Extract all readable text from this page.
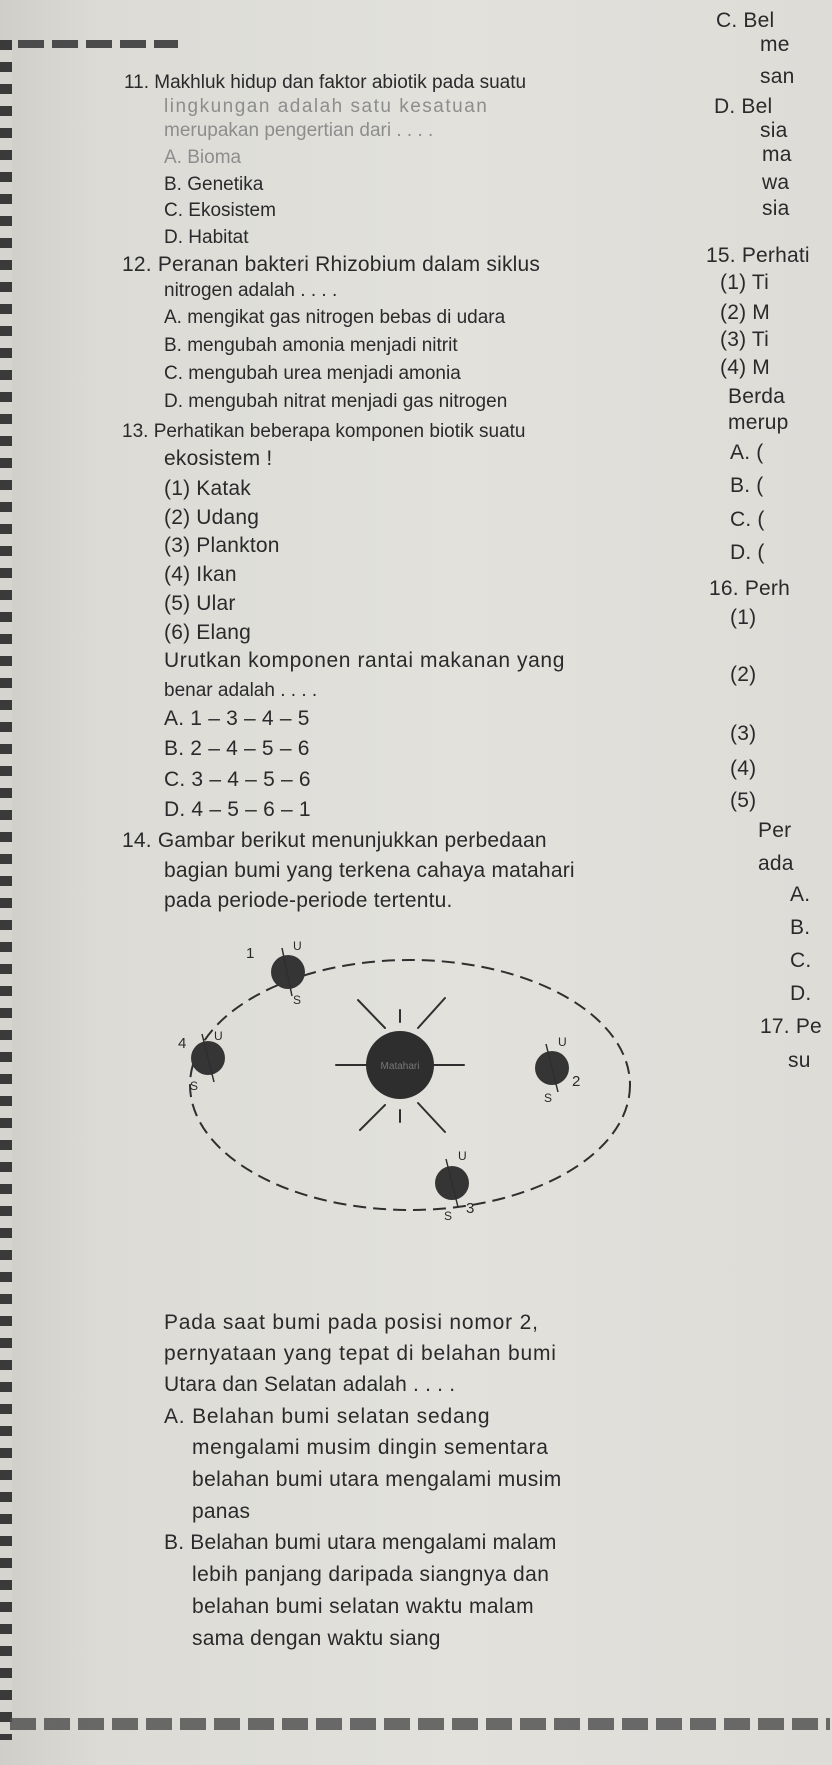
C. Bel
me
san
D. Bel
sia
ma
wa
sia
15. Perhati
(1) Ti
(2) M
(3) Ti
(4) M
Berda
merup
A. (
B. (
C. (
D. (
16. Perh
(1)
(2)
(3)
(4)
(5)
Per
ada
A.
B.
C.
D.
17. Pe
su
11. Makhluk hidup dan faktor abiotik pada suatu
lingkungan adalah satu kesatuan
merupakan pengertian dari . . . .
A. Bioma
B. Genetika
C. Ekosistem
D. Habitat
12. Peranan bakteri Rhizobium dalam siklus
nitrogen adalah . . . .
A. mengikat gas nitrogen bebas di udara
B. mengubah amonia menjadi nitrit
C. mengubah urea menjadi amonia
D. mengubah nitrat menjadi gas nitrogen
13. Perhatikan beberapa komponen biotik suatu
ekosistem !
(1) Katak
(2) Udang
(3) Plankton
(4) Ikan
(5) Ular
(6) Elang
Urutkan komponen rantai makanan yang
benar adalah . . . .
A. 1 – 3 – 4 – 5
B. 2 – 4 – 5 – 6
C. 3 – 4 – 5 – 6
D. 4 – 5 – 6 – 1
14. Gambar berikut menunjukkan perbedaan
bagian bumi yang terkena cahaya matahari
pada periode-periode tertentu.
Matahari
1	U
S
4 U
S	2
U
S
3
U
S
Pada saat bumi pada posisi nomor 2,
pernyataan yang tepat di belahan bumi
Utara dan Selatan adalah . . . .
A. Belahan bumi selatan sedang
mengalami musim dingin sementara
belahan bumi utara mengalami musim
panas
B. Belahan bumi utara mengalami malam
lebih panjang daripada siangnya dan
belahan bumi selatan waktu malam
sama dengan waktu siang
